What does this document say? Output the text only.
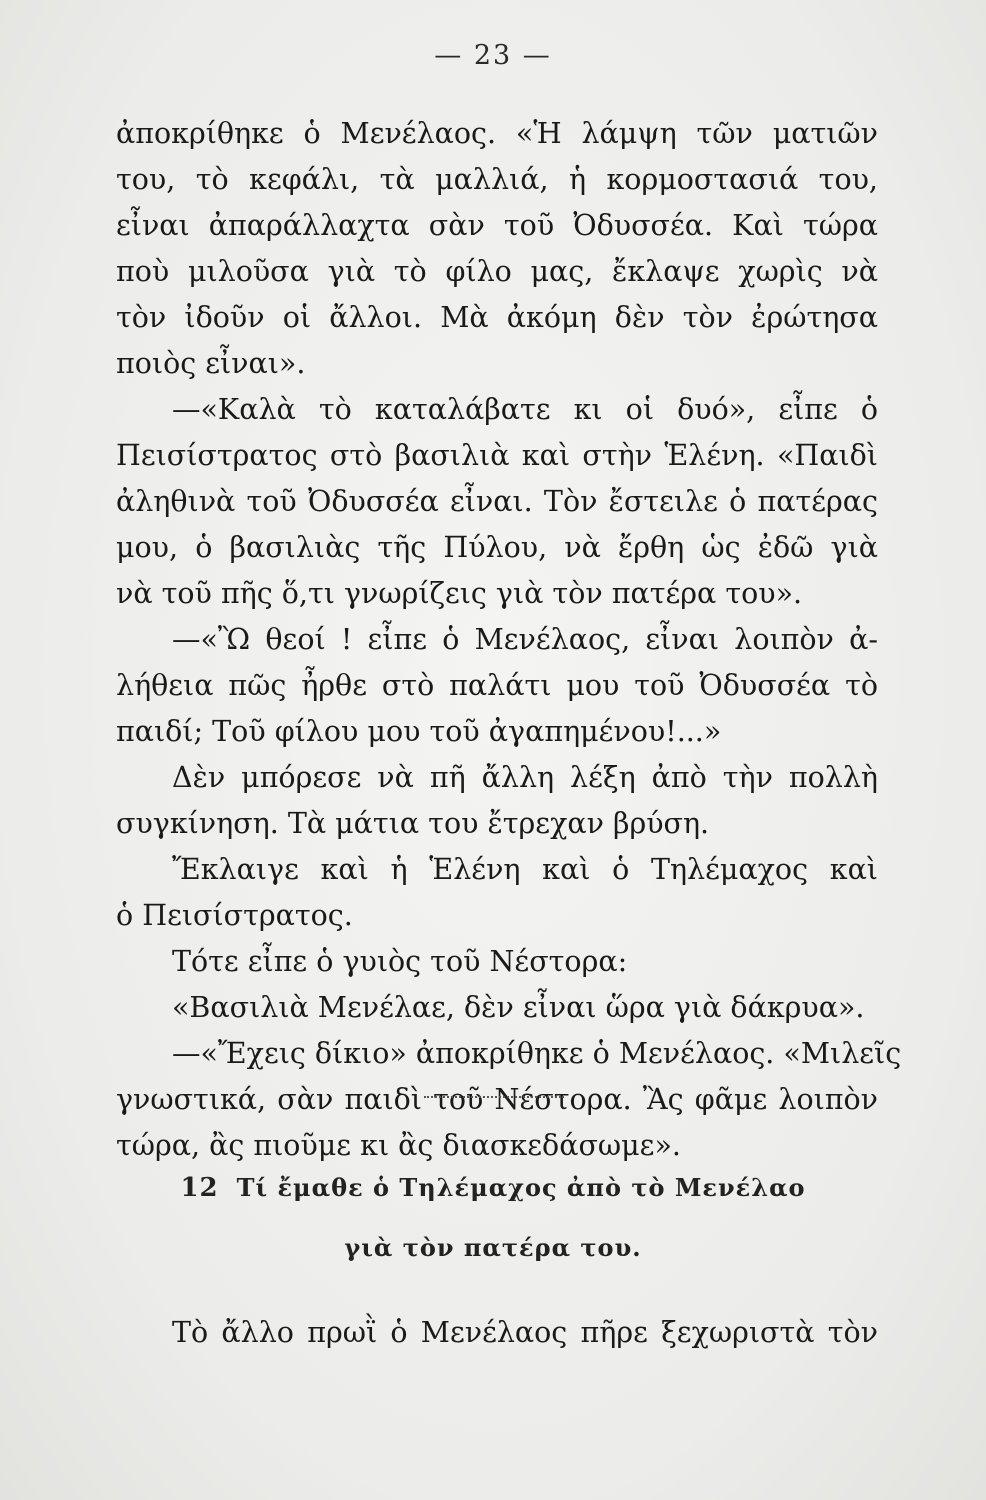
— 23 —
ἀποκρίθηκε ὁ Μενέλαος. «Ἡ λάμψη τῶν ματιῶν
του, τὸ κεφάλι, τὰ μαλλιά, ἡ κορμοστασιά του,
εἶναι ἀπαράλλαχτα σὰν τοῦ Ὀδυσσέα. Καὶ τώρα
ποὺ μιλοῦσα γιὰ τὸ φίλο μας, ἔκλαψε χωρὶς νὰ
τὸν ἰδοῦν οἱ ἄλλοι. Μὰ ἀκόμη δὲν τὸν ἐρώτησα
ποιὸς εἶναι».
—«Καλὰ τὸ καταλάβατε κι οἱ δυό», εἶπε ὁ
Πεισίστρατος στὸ βασιλιὰ καὶ στὴν Ἑλένη. «Παιδὶ
ἀληθινὰ τοῦ Ὀδυσσέα εἶναι. Τὸν ἔστειλε ὁ πατέρας
μου, ὁ βασιλιὰς τῆς Πύλου, νὰ ἔρθη ὡς ἐδῶ γιὰ
νὰ τοῦ πῆς ὅ,τι γνωρίζεις γιὰ τὸν πατέρα του».
—«Ὢ θεοί ! εἶπε ὁ Μενέλαος, εἶναι λοιπὸν ἀ-
λήθεια πῶς ἦρθε στὸ παλάτι μου τοῦ Ὀδυσσέα τὸ
παιδί; Τοῦ φίλου μου τοῦ ἀγαπημένου!...»
Δὲν μπόρεσε νὰ πῆ ἄλλη λέξη ἀπὸ τὴν πολλὴ
συγκίνηση. Τὰ μάτια του ἔτρεχαν βρύση.
Ἔκλαιγε καὶ ἡ Ἑλένη καὶ ὁ Τηλέμαχος καὶ
ὁ Πεισίστρατος.
Τότε εἶπε ὁ γυιὸς τοῦ Νέστορα:
«Βασιλιὰ Μενέλαε, δὲν εἶναι ὥρα γιὰ δάκρυα».
—«Ἔχεις δίκιο» ἀποκρίθηκε ὁ Μενέλαος. «Μιλεῖς
γνωστικά, σὰν παιδὶ τοῦ Νέστορα. Ἂς φᾶμε λοιπὸν
τώρα, ἂς πιοῦμε κι ἂς διασκεδάσωμε».
12 Τί ἔμαθε ὁ Τηλέμαχος ἀπὸ τὸ Μενέλαο
γιὰ τὸν πατέρα του.
Τὸ ἄλλο πρωῒ ὁ Μενέλαος πῆρε ξεχωριστὰ τὸν
